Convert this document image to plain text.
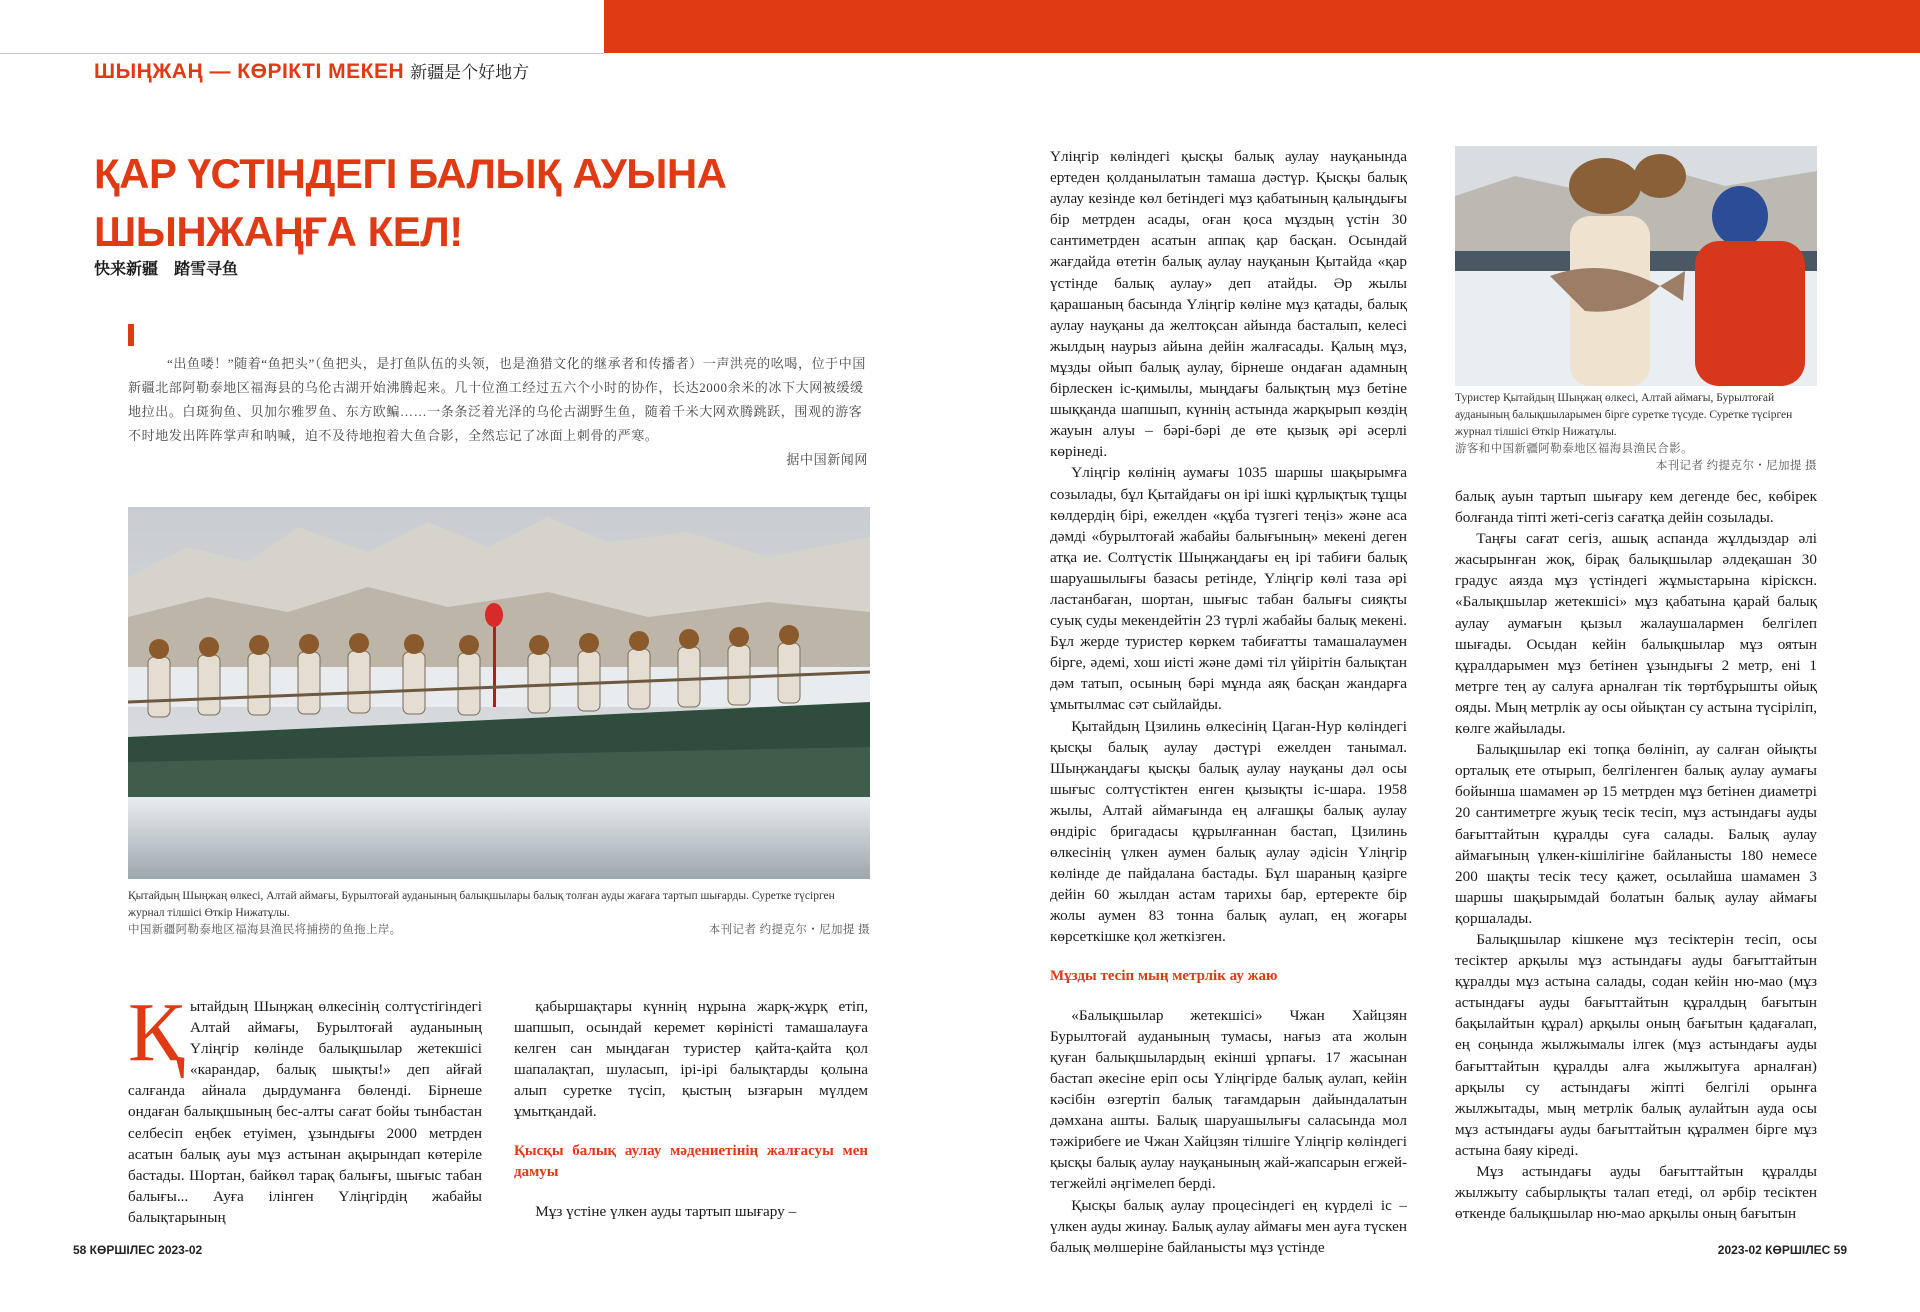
ШЫҢЖАҢ — КӨРІКТІ МЕКЕН 新疆是个好地方
ҚАР ҮСТІНДЕГІ БАЛЫҚ АУЫНА
ШЫНЖАҢҒА КЕЛ!
快来新疆　踏雪寻鱼

“出鱼喽！”随着“鱼把头”（鱼把头，是打鱼队伍的头领，也是渔猎文化的继承者和传播者）一声洪亮的吆喝，位于中国新疆北部阿勒泰地区福海县的乌伦古湖开始沸腾起来。几十位渔工经过五六个小时的协作，长达2000余米的冰下大网被缓缓地拉出。白斑狗鱼、贝加尔雅罗鱼、东方欧鳊……一条条泛着光泽的乌伦古湖野生鱼，随着千米大网欢腾跳跃，围观的游客不时地发出阵阵掌声和呐喊，迫不及待地抱着大鱼合影，全然忘记了冰面上刺骨的严寒。

据中国新闻网
Қытайдың Шыңжаң өлкесі, Алтай аймағы, Бурылтоғай ауданының балықшылары балық толған ауды жағаға тартып шығарды. Суретке түсірген журнал тілшісі Өткір Нижатұлы.
中国新疆阿勒泰地区福海县渔民将捕捞的鱼拖上岸。	本刊记者 约提克尔・尼加提 摄
Қ ытайдың Шыңжаң өлкесінің солтүстігіндегі Алтай аймағы, Бурылтоғай ауданының Үліңгір көлінде балықшылар жетекшісі «карандар, балық шықты!» деп айғай салғанда айнала дырдуманға бөленді. Бірнеше ондаған балықшының бес-алты сағат бойы тынбастан селбесіп еңбек етуімен, ұзындығы 2000 метрден асатын балық ауы мұз астынан ақырындап көтеріле бастады. Шортан, байкөл тарақ балығы, шығыс табан балығы... Ауға ілінген Үліңгірдің жабайы балықтарының

қабыршақтары күннің нұрына жарқ-жұрқ етіп, шапшып, осындай керемет көріністі тамашалауға келген сан мыңдаған туристер қайта-қайта қол шапалақтап, шуласып, ірі-ірі балықтарды қолына алып суретке түсіп, қыстың ызғарын мүлдем ұмытқандай.

Қысқы балық аулау мәдениетінің жалғасуы мен дамуы

Мұз үстіне үлкен ауды тартып шығару –

Үліңгір көліндегі қысқы балық аулау науқанында ертеден қолданылатын тамаша дәстүр. Қысқы балық аулау кезінде көл бетіндегі мұз қабатының қалыңдығы бір метрден асады, оған қоса мұздың үстін 30 сантиметрден асатын аппақ қар басқан. Осындай жағдайда өтетін балық аулау науқанын Қытайда «қар үстінде балық аулау» деп атайды. Әр жылы қарашаның басында Үліңгір көліне мұз қатады, балық аулау науқаны да желтоқсан айында басталып, келесі жылдың наурыз айына дейін жалғасады. Қалың мұз, мұзды ойып балық аулау, бірнеше ондаған адамның бірлескен іс-қимылы, мыңдағы балықтың мұз бетіне шыққанда шапшып, күннің астында жарқырып көздің жауын алуы – бәрі-бәрі де өте қызық әрі әсерлі көрінеді.

Үліңгір көлінің аумағы 1035 шаршы шақырымға созылады, бұл Қытайдағы он ірі ішкі құрлықтық тұщы көлдердің бірі, ежелден «құба түзгегі теңіз» және аса дәмді «бурылтоғай жабайы балығының» мекені деген атқа ие. Солтүстік Шыңжаңдағы ең ірі табиғи балық шаруашылығы базасы ретінде, Үліңгір көлі таза әрі ластанбаған, шортан, шығыс табан балығы сияқты суық суды мекендейтін 23 түрлі жабайы балық мекені. Бұл жерде туристер көркем табиғатты тамашалаумен бірге, әдемі, хош иісті және дәмі тіл үйірітін балықтан дәм татып, осының бәрі мұнда аяқ басқан жандарға ұмытылмас сәт сыйлайды.

Қытайдың Цзилинь өлкесінің Цаган-Нур көліндегі қысқы балық аулау дәстүрі ежелден танымал. Шыңжаңдағы қысқы балық аулау науқаны дәл осы шығыс солтүстіктен енген қызықты іс-шара. 1958 жылы, Алтай аймағында ең алғашқы балық аулау өндіріс бригадасы құрылғаннан бастап, Цзилинь өлкесінің үлкен аумен балық аулау әдісін Үліңгір көлінде де пайдалана бастады. Бұл шараның қазірге дейін 60 жылдан астам тарихы бар, ертеректе бір жолы аумен 83 тонна балық аулап, ең жоғары көрсеткішке қол жеткізген.

Мұзды тесіп мың метрлік ау жаю

«Балықшылар жетекшісі» Чжан Хайцзян Бурылтоғай ауданының тумасы, нағыз ата жолын қуған балықшылардың екінші ұрпағы. 17 жасынан бастап әкесіне еріп осы Үліңгірде балық аулап, кейін кәсібін өзгертіп балық тағамдарын дайындалатын дәмхана ашты. Балық шаруашылығы саласында мол тәжірибеге ие Чжан Хайцзян тілшіге Үліңгір көліндегі қысқы балық аулау науқанының жай-жапсарын егжей- тегжейлі әңгімелеп берді.

Қысқы балық аулау процесіндегі ең күрделі іс – үлкен ауды жинау. Балық аулау аймағы мен ауға түскен балық мөлшеріне байланысты мұз үстінде

Туристер Қытайдың Шыңжаң өлкесі, Алтай аймағы, Бурылтоғай ауданының балықшыларымен бірге суретке түсуде. Суретке түсірген журнал тілшісі Өткір Нижатұлы.
游客和中国新疆阿勒泰地区福海县渔民合影。
本刊记者 约提克尔・尼加提 摄

балық ауын тартып шығару кем дегенде бес, көбірек болғанда тіпті жеті-сегіз сағатқа дейін созылады.

Таңғы сағат сегіз, ашық аспанда жұлдыздар әлі жасырынған жоқ, бірақ балықшылар әлдеқашан 30 градус аязда мұз үстіндегі жұмыстарына кірісксн. «Балықшылар жетекшісі» мұз қабатына қарай балық аулау аумағын қызыл жалаушалармен белгілеп шығады. Осыдан кейін балықшылар мұз оятын құралдарымен мұз бетінен ұзындығы 2 метр, ені 1 метрге тең ау салуға арналған тік төртбұрышты ойық ояды. Мың метрлік ау осы ойықтан су астына түсіріліп, көлге жайылады.

Балықшылар екі топқа бөлініп, ау салған ойықты орталық ете отырып, белгіленген балық аулау аумағы бойынша шамамен әр 15 метрден мұз бетінен диаметрі 20 сантиметрге жуық тесік тесіп, мұз астындағы ауды бағыттайтын құралды суға салады. Балық аулау аймағының үлкен-кішілігіне байланысты 180 немесе 200 шақты тесік тесу қажет, осылайша шамамен 3 шаршы шақырымдай болатын балық аулау аймағы қоршалады.

Балықшылар кішкене мұз тесіктерін тесіп, осы тесіктер арқылы мұз астындағы ауды бағыттайтын құралды мұз астына салады, содан кейін ню-мао (мұз астындағы ауды бағыттайтын құралдың бағытын бақылайтын құрал) арқылы оның бағытын қадағалап, ең соңында жылжымалы ілгек (мұз астындағы ауды бағыттайтын құралды алға жылжытуға арналған) арқылы су астындағы жіпті белгілі орынға жылжытады, мың метрлік балық аулайтын ауда осы мұз астындағы ауды бағыттайтын құралмен бірге мұз астына баяу кіреді.

Мұз астындағы ауды бағыттайтын құралды жылжыту сабырлықты талап етеді, ол әрбір тесіктен өткенде балықшылар ню-мао арқылы оның бағытын

58 КӨРШІЛЕС 2023-02	2023-02 КӨРШІЛЕС 59
